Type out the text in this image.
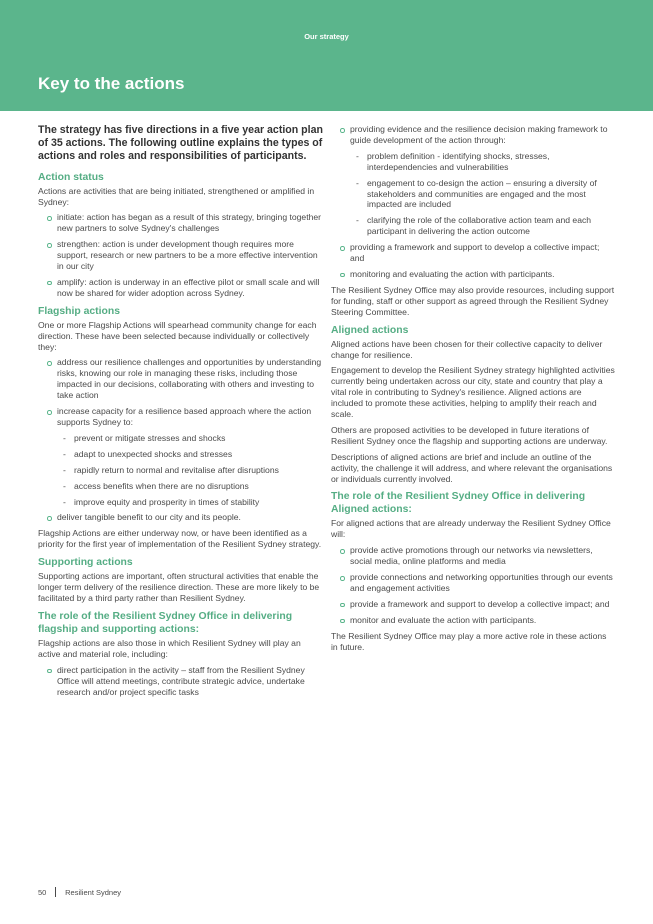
Our strategy
Key to the actions
The strategy has five directions in a five year action plan of 35 actions. The following outline explains the types of actions and roles and responsibilities of participants.
Action status

Actions are activities that are being initiated, strengthened or amplified in Sydney:

initiate: action has began as a result of this strategy, bringing together new partners to solve Sydney's challenges
strengthen: action is under development though requires more support, research or new partners to be a more effective intervention in our city
amplify: action is underway in an effective pilot or small scale and will now be shared for wider adoption across Sydney.
Flagship actions

One or more Flagship Actions will spearhead community change for each direction. These have been selected because individually or collectively they:

address our resilience challenges and opportunities by understanding risks, knowing our role in managing these risks, including those impacted in our decisions, collaborating with others and investing to take action
increase capacity for a resilience based approach where the action supports Sydney to:
- prevent or mitigate stresses and shocks
- adapt to unexpected shocks and stresses
- rapidly return to normal and revitalise after disruptions
- access benefits when there are no disruptions
- improve equity and prosperity in times of stability
deliver tangible benefit to our city and its people.

Flagship Actions are either underway now, or have been identified as a priority for the first year of implementation of the Resilient Sydney strategy.

Supporting actions

Supporting actions are important, often structural activities that enable the longer term delivery of the resilience direction. These are more likely to be facilitated by a third party rather than Resilient Sydney.

The role of the Resilient Sydney Office in delivering flagship and supporting actions:

Flagship actions are also those in which Resilient Sydney will play an active and material role, including:

direct participation in the activity – staff from the Resilient Sydney Office will attend meetings, contribute strategic advice, undertake research and/or project specific tasks
providing evidence and the resilience decision making framework to guide development of the action through:
- problem definition - identifying shocks, stresses, interdependencies and vulnerabilities
- engagement to co-design the action – ensuring a diversity of stakeholders and communities are engaged and the most impacted are included
- clarifying the role of the collaborative action team and each participant in delivering the action outcome
providing a framework and support to develop a collective impact; and
monitoring and evaluating the action with participants.

The Resilient Sydney Office may also provide resources, including support for funding, staff or other support as agreed through the Resilient Sydney Steering Committee.

Aligned actions

Aligned actions have been chosen for their collective capacity to deliver change for resilience.

Engagement to develop the Resilient Sydney strategy highlighted activities currently being undertaken across our city, state and country that play a vital role in contributing to Sydney's resilience. Aligned actions are included to promote these activities, helping to amplify their reach and scale.

Others are proposed activities to be developed in future iterations of Resilient Sydney once the flagship and supporting actions are underway.

Descriptions of aligned actions are brief and include an outline of the activity, the challenge it will address, and where relevant the organisations or individuals currently involved.

The role of the Resilient Sydney Office in delivering Aligned actions:

For aligned actions that are already underway the Resilient Sydney Office will:

provide active promotions through our networks via newsletters, social media, online platforms and media
provide connections and networking opportunities through our events and engagement activities
provide a framework and support to develop a collective impact; and
monitor and evaluate the action with participants.

The Resilient Sydney Office may play a more active role in these actions in future.

50	Resilient Sydney
